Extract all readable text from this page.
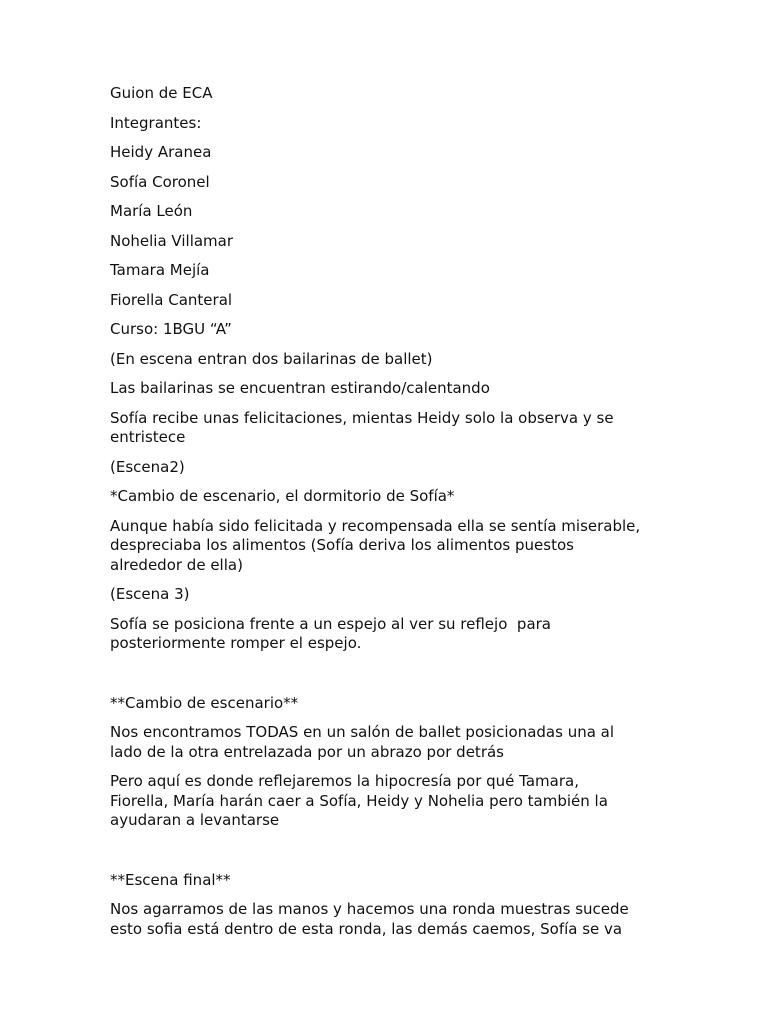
Guion de ECA

Integrantes:

Heidy Aranea

Sofía Coronel

María León

Nohelia Villamar

Tamara Mejía

Fiorella Canteral

Curso: 1BGU “A”

(En escena entran dos bailarinas de ballet)

Las bailarinas se encuentran estirando/calentando

Sofía recibe unas felicitaciones, mientas Heidy solo la observa y se
entristece

(Escena2)

*Cambio de escenario, el dormitorio de Sofía*

Aunque había sido felicitada y recompensada ella se sentía miserable,
despreciaba los alimentos (Sofía deriva los alimentos puestos
alrededor de ella)

(Escena 3)

Sofía se posiciona frente a un espejo al ver su reflejo  para
posteriormente romper el espejo.

**Cambio de escenario**

Nos encontramos TODAS en un salón de ballet posicionadas una al
lado de la otra entrelazada por un abrazo por detrás

Pero aquí es donde reflejaremos la hipocresía por qué Tamara,
Fiorella, María harán caer a Sofía, Heidy y Nohelia pero también la
ayudaran a levantarse

**Escena final**

Nos agarramos de las manos y hacemos una ronda muestras sucede
esto sofia está dentro de esta ronda, las demás caemos, Sofía se va
